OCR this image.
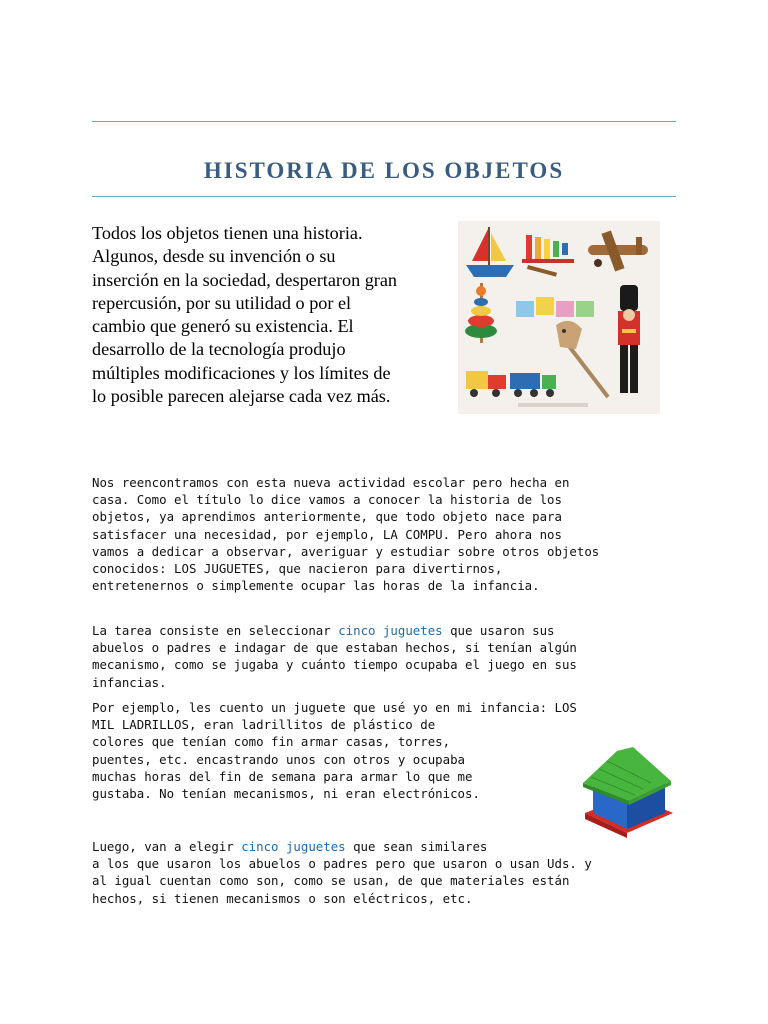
HISTORIA DE LOS OBJETOS
Todos los objetos tienen una historia.
Algunos, desde su invención o su
inserción en la sociedad, despertaron gran
repercusión, por su utilidad o por el
cambio que generó su existencia. El
desarrollo de la tecnología produjo
múltiples modificaciones y los límites de
lo posible parecen alejarse cada vez más.
Nos reencontramos con esta nueva actividad escolar pero hecha en
casa. Como el título lo dice vamos a conocer la historia de los
objetos, ya aprendimos anteriormente, que todo objeto nace para
satisfacer una necesidad, por ejemplo, LA COMPU. Pero ahora nos
vamos a dedicar a observar, averiguar y estudiar sobre otros objetos
conocidos: LOS JUGUETES, que nacieron para divertirnos,
entretenernos o simplemente ocupar las horas de la infancia.
La tarea consiste en seleccionar cinco juguetes que usaron sus
abuelos o padres e indagar de que estaban hechos, si tenían algún
mecanismo, como se jugaba y cuánto tiempo ocupaba el juego en sus
infancias.
Por ejemplo, les cuento un juguete que usé yo en mi infancia: LOS
MIL LADRILLOS, eran ladrillitos de plástico de
colores que tenían como fin armar casas, torres,
puentes, etc. encastrando unos con otros y ocupaba
muchas horas del fin de semana para armar lo que me
gustaba. No tenían mecanismos, ni eran electrónicos.
Luego, van a elegir cinco juguetes que sean similares
a los que usaron los abuelos o padres pero que usaron o usan Uds. y
al igual cuentan como son, como se usan, de que materiales están
hechos, si tienen mecanismos o son eléctricos, etc.
